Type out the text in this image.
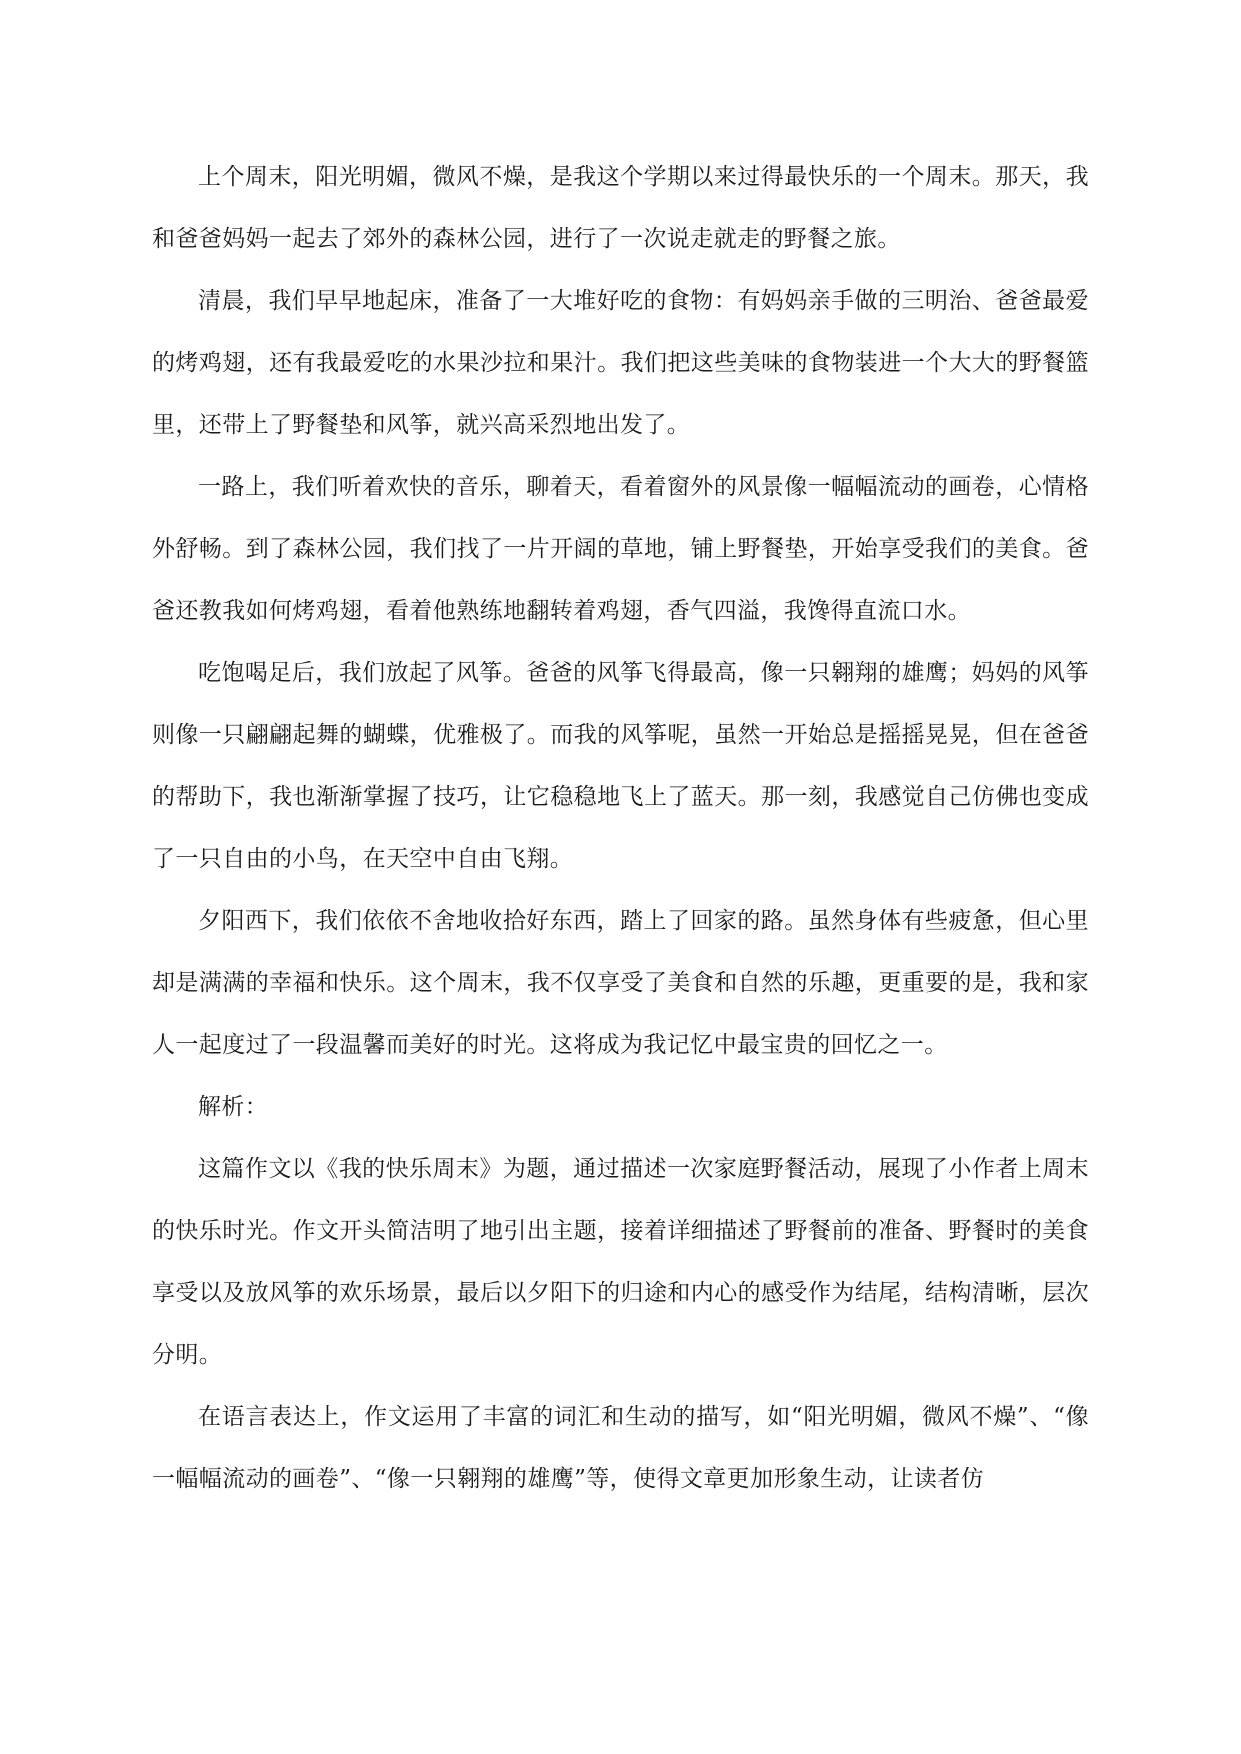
上个周末，阳光明媚，微风不燥，是我这个学期以来过得最快乐的一个周末。那天，我和爸爸妈妈一起去了郊外的森林公园，进行了一次说走就走的野餐之旅。

清晨，我们早早地起床，准备了一大堆好吃的食物：有妈妈亲手做的三明治、爸爸最爱的烤鸡翅，还有我最爱吃的水果沙拉和果汁。我们把这些美味的食物装进一个大大的野餐篮里，还带上了野餐垫和风筝，就兴高采烈地出发了。

一路上，我们听着欢快的音乐，聊着天，看着窗外的风景像一幅幅流动的画卷，心情格外舒畅。到了森林公园，我们找了一片开阔的草地，铺上野餐垫，开始享受我们的美食。爸爸还教我如何烤鸡翅，看着他熟练地翻转着鸡翅，香气四溢，我馋得直流口水。

吃饱喝足后，我们放起了风筝。爸爸的风筝飞得最高，像一只翱翔的雄鹰；妈妈的风筝则像一只翩翩起舞的蝴蝶，优雅极了。而我的风筝呢，虽然一开始总是摇摇晃晃，但在爸爸的帮助下，我也渐渐掌握了技巧，让它稳稳地飞上了蓝天。那一刻，我感觉自己仿佛也变成了一只自由的小鸟，在天空中自由飞翔。

夕阳西下，我们依依不舍地收拾好东西，踏上了回家的路。虽然身体有些疲惫，但心里却是满满的幸福和快乐。这个周末，我不仅享受了美食和自然的乐趣，更重要的是，我和家人一起度过了一段温馨而美好的时光。这将成为我记忆中最宝贵的回忆之一。

解析：

这篇作文以《我的快乐周末》为题，通过描述一次家庭野餐活动，展现了小作者上周末的快乐时光。作文开头简洁明了地引出主题，接着详细描述了野餐前的准备、野餐时的美食享受以及放风筝的欢乐场景，最后以夕阳下的归途和内心的感受作为结尾，结构清晰，层次分明。

在语言表达上，作文运用了丰富的词汇和生动的描写，如“阳光明媚，微风不燥”、“像一幅幅流动的画卷”、“像一只翱翔的雄鹰”等，使得文章更加形象生动，让读者仿
